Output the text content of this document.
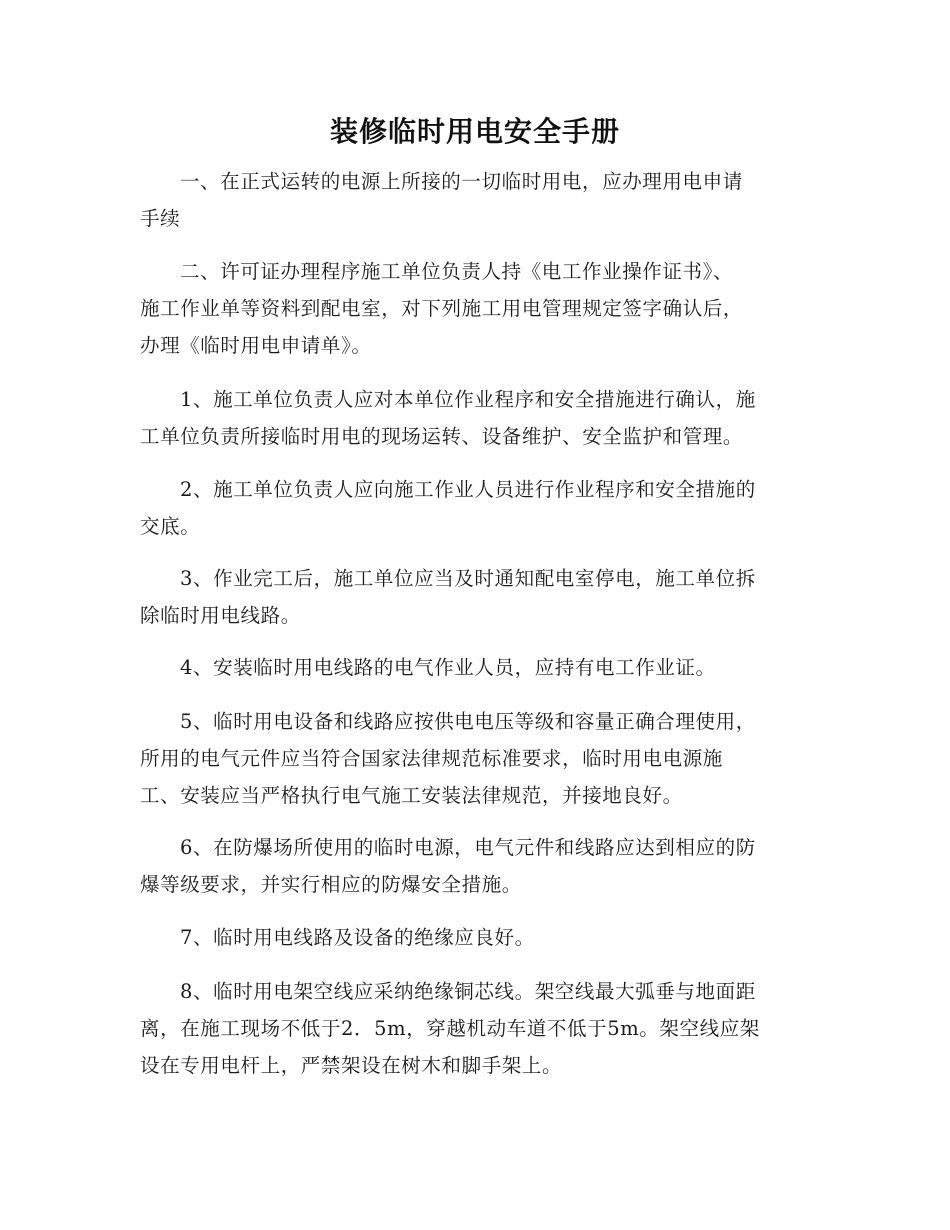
装修临时用电安全手册

一、在正式运转的电源上所接的一切临时用电，应办理用电申请
手续

二、许可证办理程序施工单位负责人持《电工作业操作证书》、
施工作业单等资料到配电室，对下列施工用电管理规定签字确认后，
办理《临时用电申请单》。

1、施工单位负责人应对本单位作业程序和安全措施进行确认，施
工单位负责所接临时用电的现场运转、设备维护、安全监护和管理。

2、施工单位负责人应向施工作业人员进行作业程序和安全措施的
交底。

3、作业完工后，施工单位应当及时通知配电室停电，施工单位拆
除临时用电线路。

4、安装临时用电线路的电气作业人员，应持有电工作业证。

5、临时用电设备和线路应按供电电压等级和容量正确合理使用，
所用的电气元件应当符合国家法律规范标准要求，临时用电电源施
工、安装应当严格执行电气施工安装法律规范，并接地良好。

6、在防爆场所使用的临时电源，电气元件和线路应达到相应的防
爆等级要求，并实行相应的防爆安全措施。

7、临时用电线路及设备的绝缘应良好。

8、临时用电架空线应采纳绝缘铜芯线。架空线最大弧垂与地面距
离，在施工现场不低于2．5m，穿越机动车道不低于5m。架空线应架
设在专用电杆上，严禁架设在树木和脚手架上。
